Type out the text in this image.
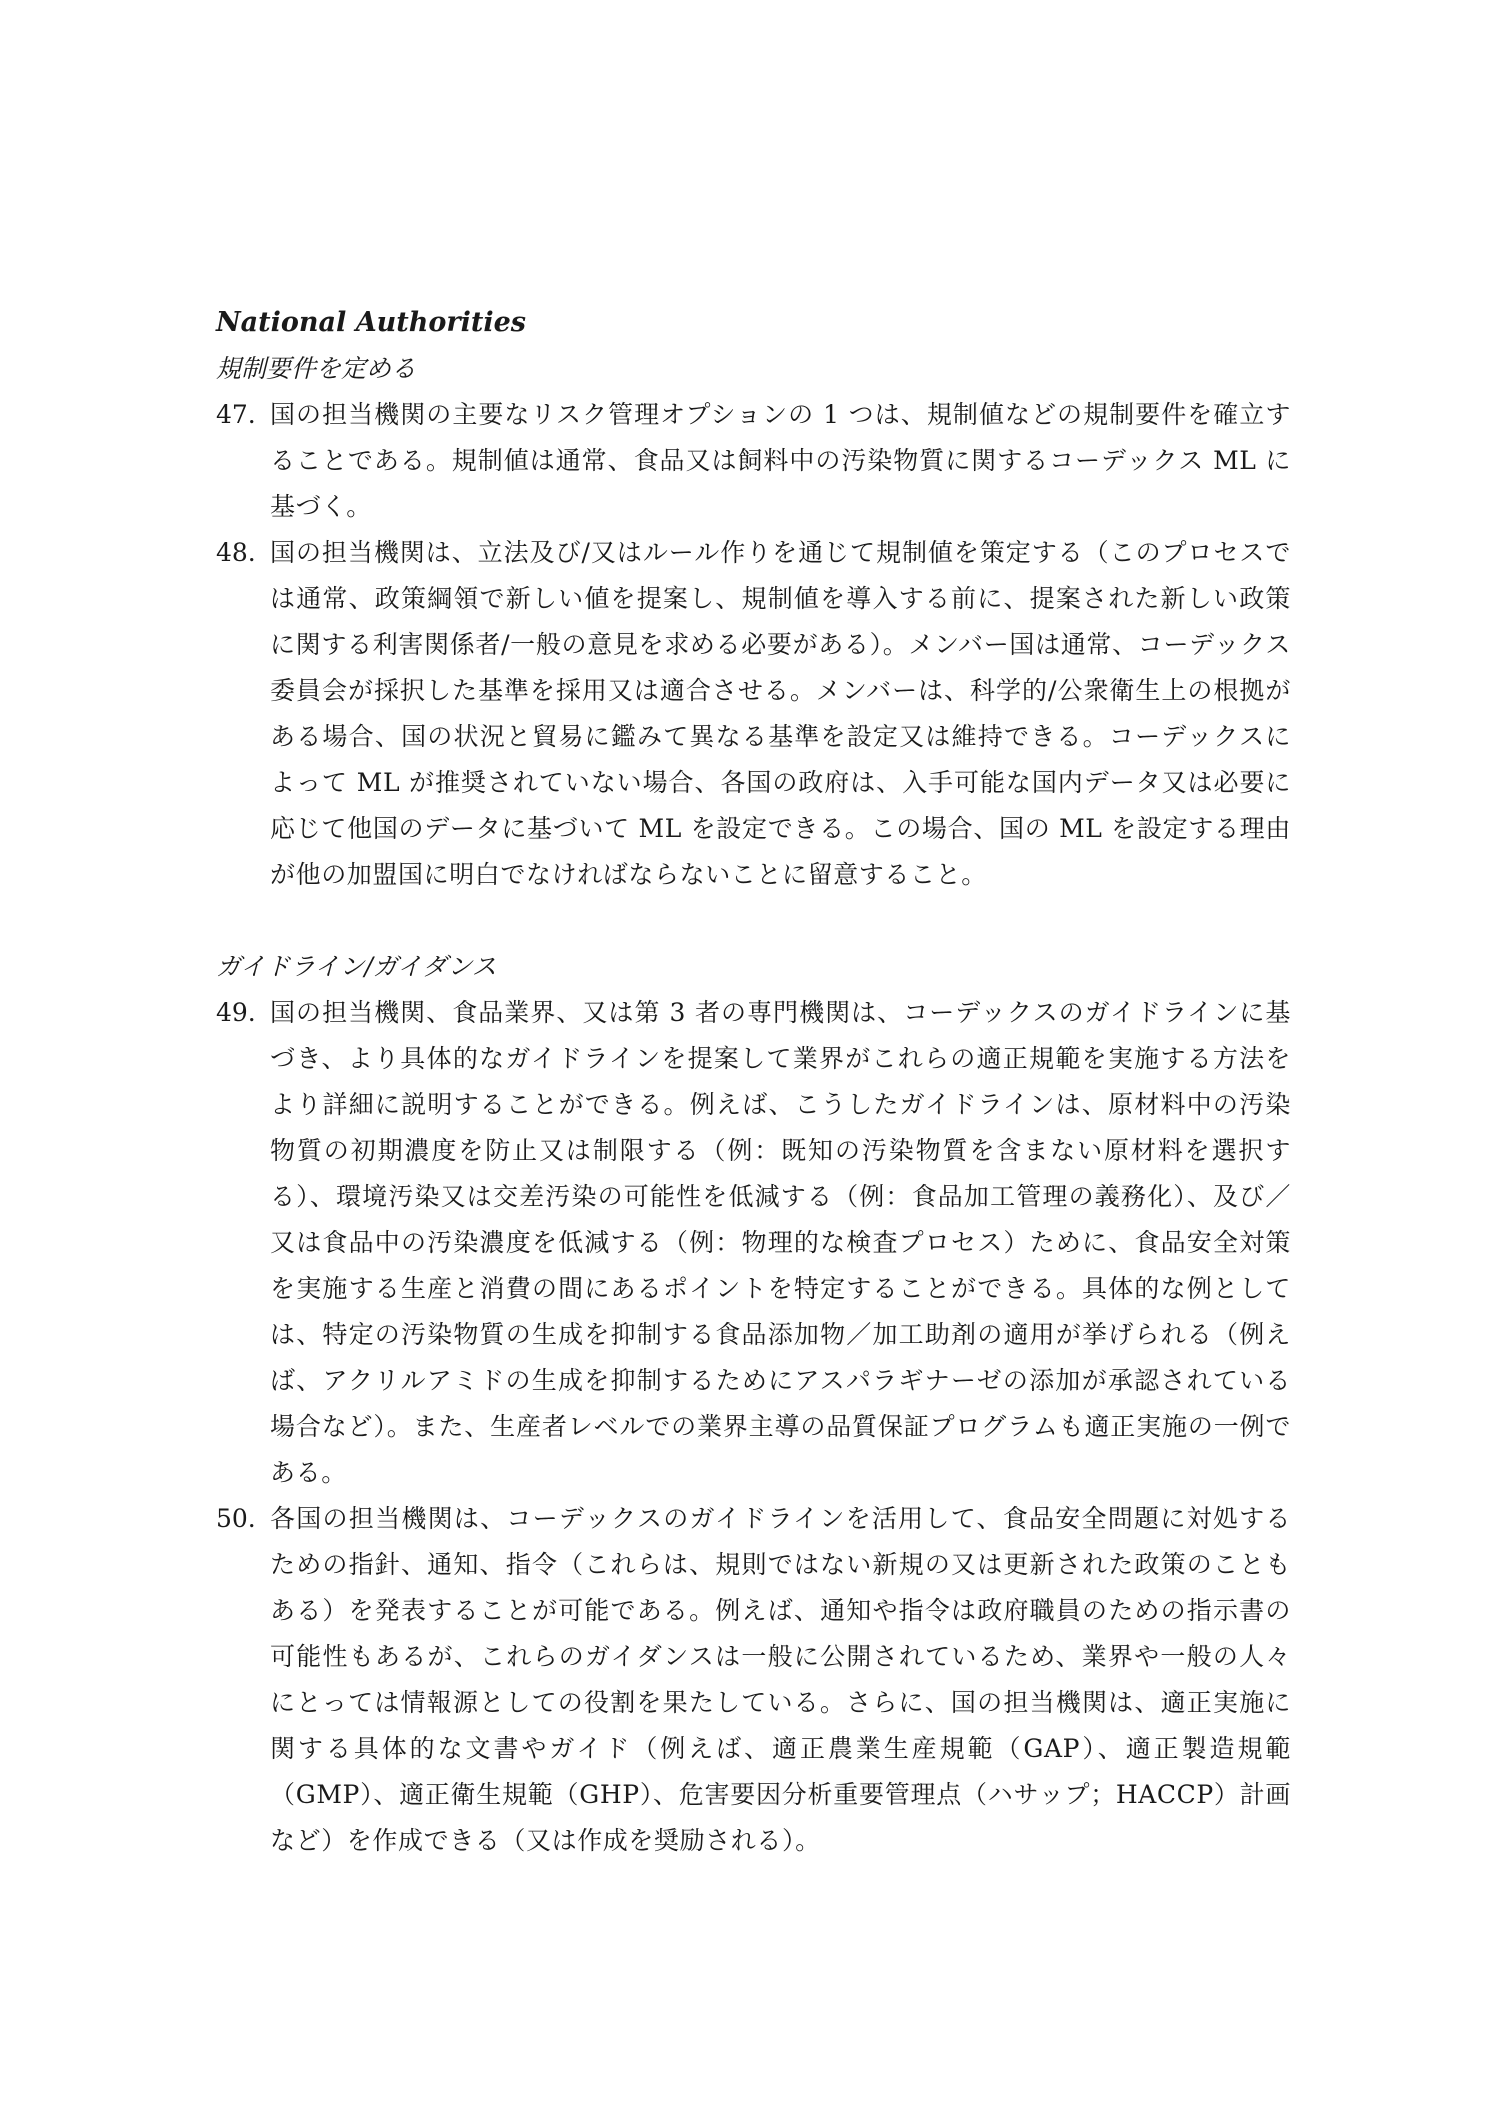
National Authorities

規制要件を定める

47. 国の担当機関の主要なリスク管理オプションの 1 つは、規制値などの規制要件を確立することである。規制値は通常、食品又は飼料中の汚染物質に関するコーデックス ML に基づく。
48. 国の担当機関は、立法及び/又はルール作りを通じて規制値を策定する（このプロセスでは通常、政策綱領で新しい値を提案し、規制値を導入する前に、提案された新しい政策に関する利害関係者/一般の意見を求める必要がある）。メンバー国は通常、コーデックス委員会が採択した基準を採用又は適合させる。メンバーは、科学的/公衆衛生上の根拠がある場合、国の状況と貿易に鑑みて異なる基準を設定又は維持できる。コーデックスによって ML が推奨されていない場合、各国の政府は、入手可能な国内データ又は必要に応じて他国のデータに基づいて ML を設定できる。この場合、国の ML を設定する理由が他の加盟国に明白でなければならないことに留意すること。

ガイドライン/ガイダンス

49. 国の担当機関、食品業界、又は第 3 者の専門機関は、コーデックスのガイドラインに基づき、より具体的なガイドラインを提案して業界がこれらの適正規範を実施する方法をより詳細に説明することができる。例えば、こうしたガイドラインは、原材料中の汚染物質の初期濃度を防止又は制限する（例：既知の汚染物質を含まない原材料を選択する）、環境汚染又は交差汚染の可能性を低減する（例：食品加工管理の義務化）、及び／又は食品中の汚染濃度を低減する（例：物理的な検査プロセス）ために、食品安全対策を実施する生産と消費の間にあるポイントを特定することができる。具体的な例としては、特定の汚染物質の生成を抑制する食品添加物／加工助剤の適用が挙げられる（例えば、アクリルアミドの生成を抑制するためにアスパラギナーゼの添加が承認されている場合など）。また、生産者レベルでの業界主導の品質保証プログラムも適正実施の一例である。
50. 各国の担当機関は、コーデックスのガイドラインを活用して、食品安全問題に対処するための指針、通知、指令（これらは、規則ではない新規の又は更新された政策のこともある）を発表することが可能である。例えば、通知や指令は政府職員のための指示書の可能性もあるが、これらのガイダンスは一般に公開されているため、業界や一般の人々にとっては情報源としての役割を果たしている。さらに、国の担当機関は、適正実施に関する具体的な文書やガイド（例えば、適正農業生産規範（GAP）、適正製造規範（GMP）、適正衛生規範（GHP）、危害要因分析重要管理点（ハサップ；HACCP）計画など）を作成できる（又は作成を奨励される）。
